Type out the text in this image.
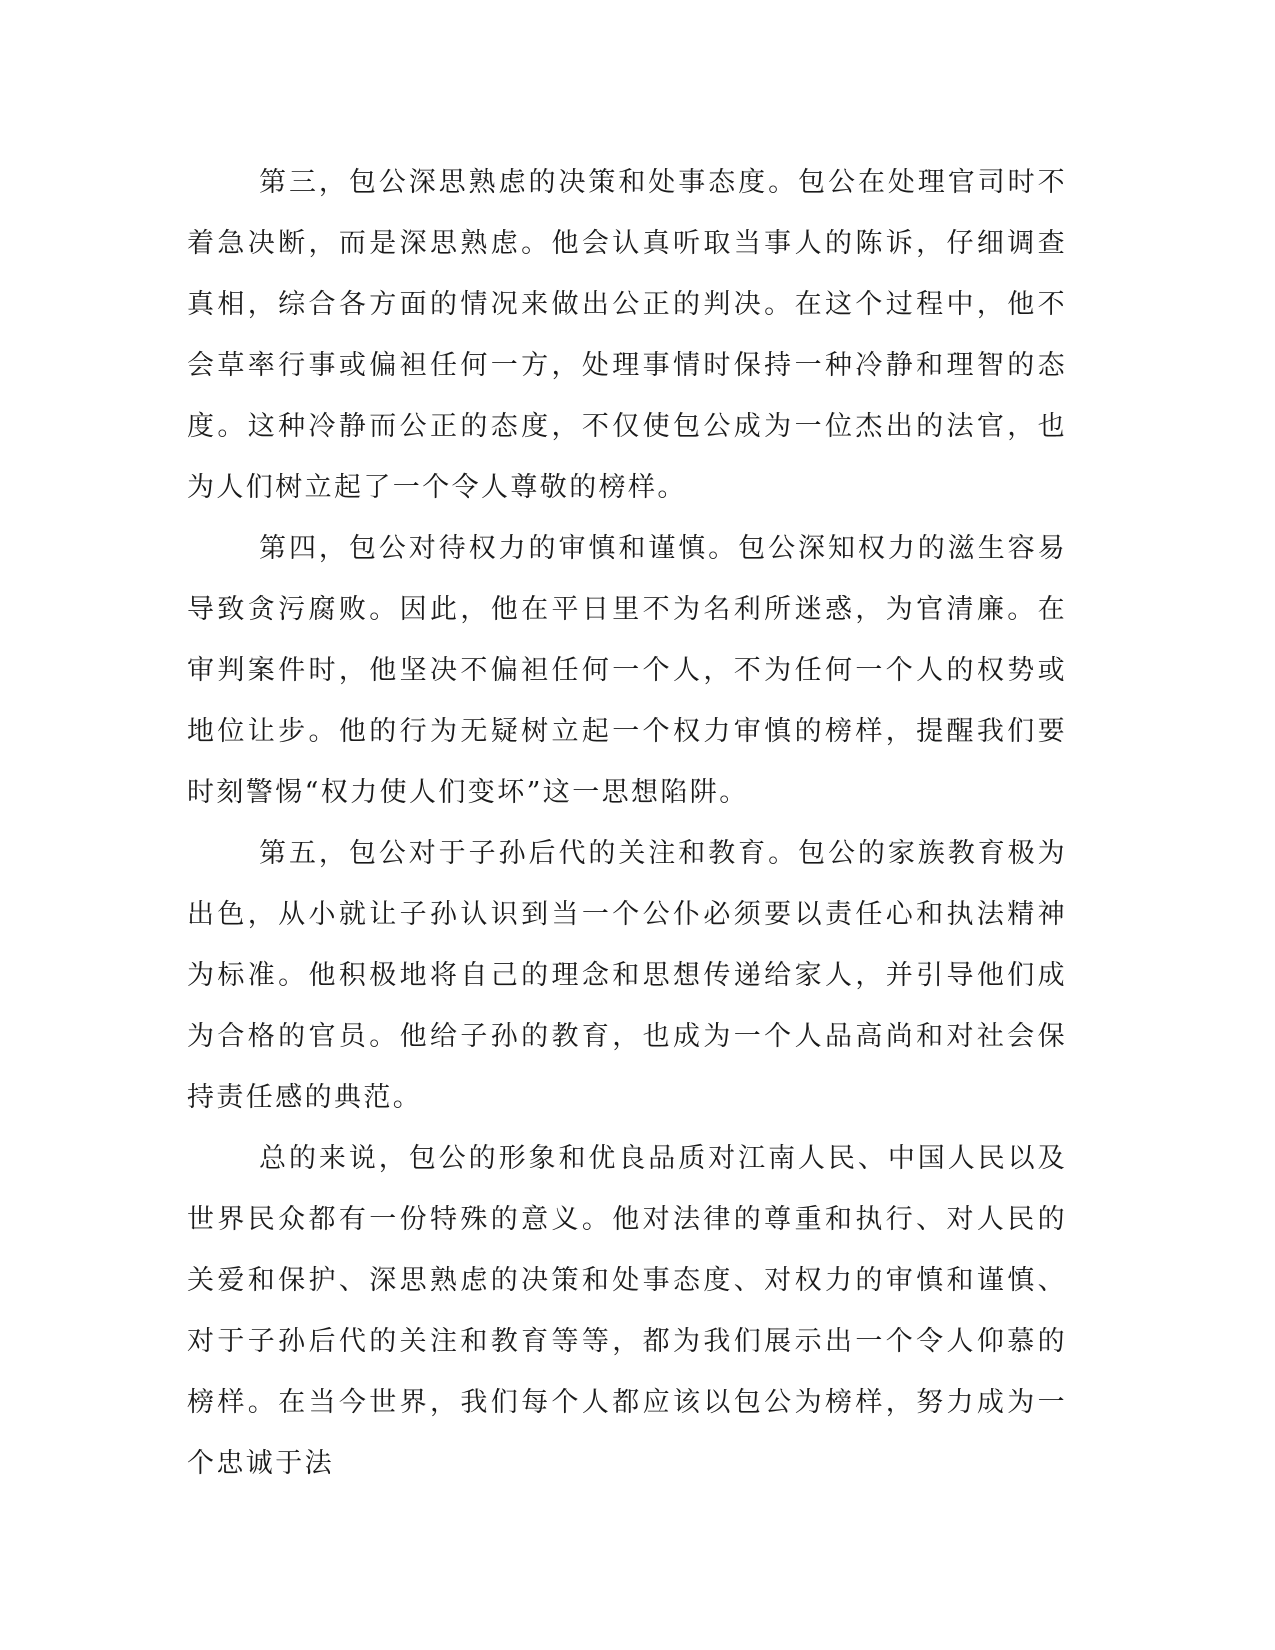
第三，包公深思熟虑的决策和处事态度。包公在处理官司时不着急决断，而是深思熟虑。他会认真听取当事人的陈诉，仔细调查真相，综合各方面的情况来做出公正的判决。在这个过程中，他不会草率行事或偏袒任何一方，处理事情时保持一种冷静和理智的态度。这种冷静而公正的态度，不仅使包公成为一位杰出的法官，也为人们树立起了一个令人尊敬的榜样。

第四，包公对待权力的审慎和谨慎。包公深知权力的滋生容易导致贪污腐败。因此，他在平日里不为名利所迷惑，为官清廉。在审判案件时，他坚决不偏袒任何一个人，不为任何一个人的权势或地位让步。他的行为无疑树立起一个权力审慎的榜样，提醒我们要时刻警惕“权力使人们变坏”这一思想陷阱。

第五，包公对于子孙后代的关注和教育。包公的家族教育极为出色，从小就让子孙认识到当一个公仆必须要以责任心和执法精神为标准。他积极地将自己的理念和思想传递给家人，并引导他们成为合格的官员。他给子孙的教育，也成为一个人品高尚和对社会保持责任感的典范。

总的来说，包公的形象和优良品质对江南人民、中国人民以及世界民众都有一份特殊的意义。他对法律的尊重和执行、对人民的关爱和保护、深思熟虑的决策和处事态度、对权力的审慎和谨慎、对于子孙后代的关注和教育等等，都为我们展示出一个令人仰慕的榜样。在当今世界，我们每个人都应该以包公为榜样，努力成为一个忠诚于法
